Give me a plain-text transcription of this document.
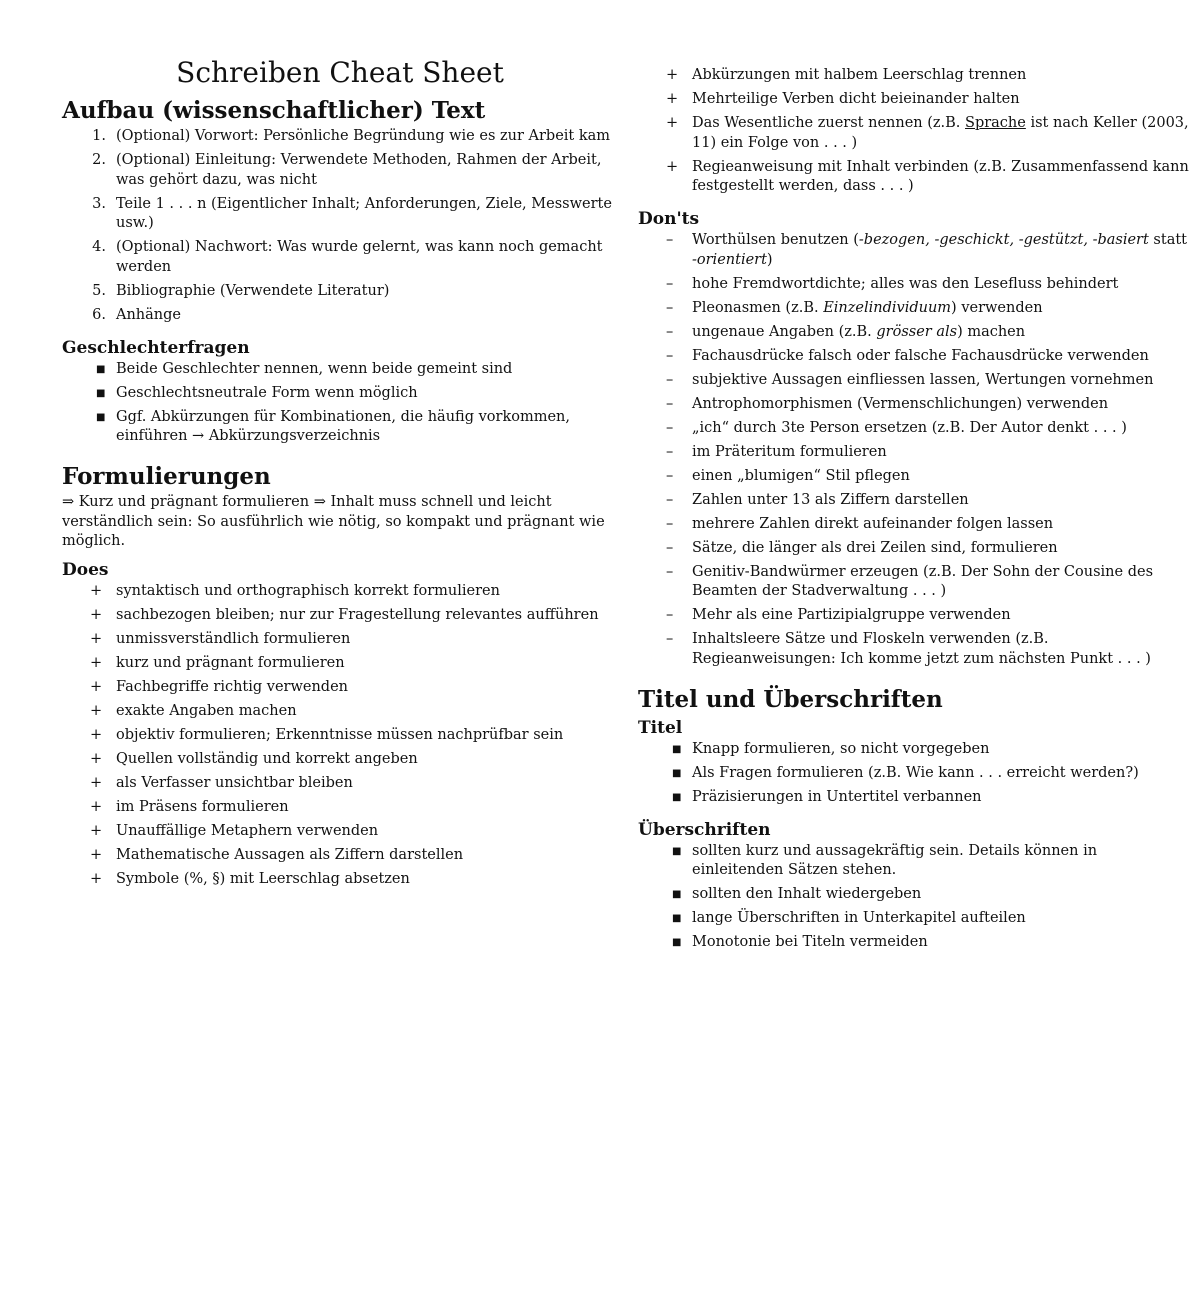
Schreiben Cheat Sheet
Aufbau (wissenschaftlicher) Text
1. (Optional) Vorwort: Persönliche Begründung wie es zur Arbeit kam
2. (Optional) Einleitung: Verwendete Methoden, Rahmen der Arbeit, was gehört dazu, was nicht
3. Teile 1 . . . n (Eigentlicher Inhalt; Anforderungen, Ziele, Messwerte usw.)
4. (Optional) Nachwort: Was wurde gelernt, was kann noch gemacht werden
5. Bibliographie (Verwendete Literatur)
6. Anhänge
Geschlechterfragen
■ Beide Geschlechter nennen, wenn beide gemeint sind
■ Geschlechtsneutrale Form wenn möglich
■ Ggf. Abkürzungen für Kombinationen, die häufig vorkommen, einführen → Abkürzungsverzeichnis
Formulierungen

⇒ Kurz und prägnant formulieren ⇒ Inhalt muss schnell und leicht verständlich sein: So ausführlich wie nötig, so kompakt und prägnant wie möglich.

Does
+ syntaktisch und orthographisch korrekt formulieren
+ sachbezogen bleiben; nur zur Fragestellung relevantes aufführen
+ unmissverständlich formulieren
+ kurz und prägnant formulieren
+ Fachbegriffe richtig verwenden
+ exakte Angaben machen
+ objektiv formulieren; Erkenntnisse müssen nachprüfbar sein
+ Quellen vollständig und korrekt angeben
+ als Verfasser unsichtbar bleiben
+ im Präsens formulieren
+ Unauffällige Metaphern verwenden
+ Mathematische Aussagen als Ziffern darstellen
+ Symbole (%, §) mit Leerschlag absetzen
+ Abkürzungen mit halbem Leerschlag trennen
+ Mehrteilige Verben dicht beieinander halten
+ Das Wesentliche zuerst nennen (z.B. Sprache ist nach Keller (2003, 11) ein Folge von . . . )
+ Regieanweisung mit Inhalt verbinden (z.B. Zusammenfassend kann festgestellt werden, dass . . . )
Don'ts
–	Worthülsen benutzen (-bezogen, -geschickt, -gestützt, -basiert statt -orientiert)
–	hohe Fremdwortdichte; alles was den Lesefluss behindert
–	Pleonasmen (z.B. Einzelindividuum) verwenden
–	ungenaue Angaben (z.B. grösser als) machen
–	Fachausdrücke falsch oder falsche Fachausdrücke verwenden
–	subjektive Aussagen einfliessen lassen, Wertungen vornehmen
–	Antrophomorphismen (Vermenschlichungen) verwenden
–	„ich“ durch 3te Person ersetzen (z.B. Der Autor denkt . . . )
–	im Präteritum formulieren
–	einen „blumigen“ Stil pflegen
–	Zahlen unter 13 als Ziffern darstellen
–	mehrere Zahlen direkt aufeinander folgen lassen
–	Sätze, die länger als drei Zeilen sind, formulieren
–	Genitiv-Bandwürmer erzeugen (z.B. Der Sohn der Cousine des Beamten der Stadverwaltung . . . )
–	Mehr als eine Partizipialgruppe verwenden
–	Inhaltsleere Sätze und Floskeln verwenden (z.B. Regieanweisungen: Ich komme jetzt zum nächsten Punkt . . . )
Titel und Überschriften
Titel
■ Knapp formulieren, so nicht vorgegeben
■ Als Fragen formulieren (z.B. Wie kann . . . erreicht werden?)
■ Präzisierungen in Untertitel verbannen
Überschriften
■ sollten kurz und aussagekräftig sein. Details können in einleitenden Sätzen stehen.
■ sollten den Inhalt wiedergeben
■ lange Überschriften in Unterkapitel aufteilen
■ Monotonie bei Titeln vermeiden
